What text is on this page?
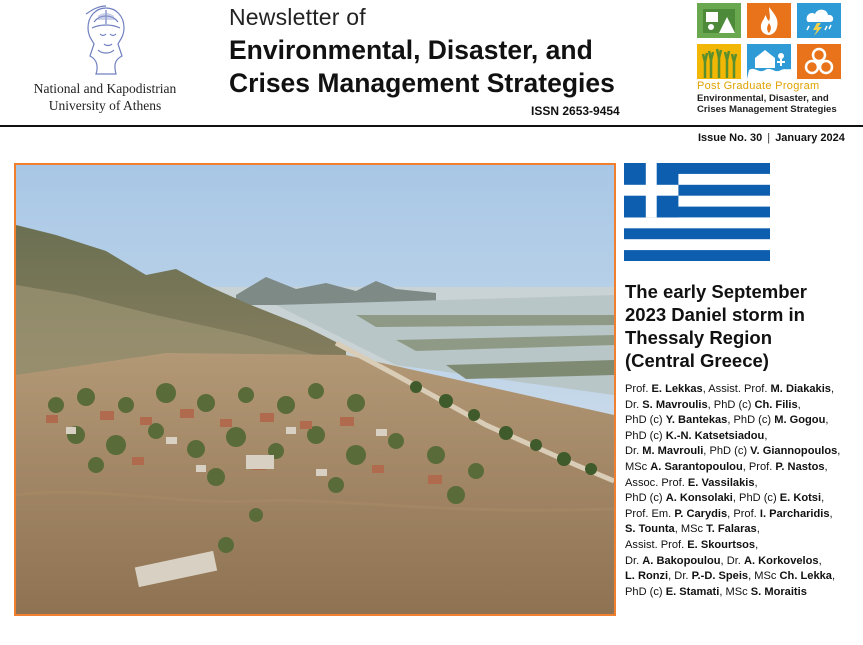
National and Kapodistrian
University of Athens
Newsletter of
Environmental, Disaster, and
Crises Management Strategies
ISSN 2653-9454
Post Graduate Program
Environmental, Disaster, and
Crises Management Strategies
Issue No. 30 | January 2024
The early September
2023 Daniel storm in
Thessaly Region
(Central Greece)
Prof. E. Lekkas, Assist. Prof. M. Diakakis,
Dr. S. Mavroulis, PhD (c) Ch. Filis,
PhD (c) Y. Bantekas, PhD (c) M. Gogou,
PhD (c) K.-N. Katsetsiadou,
Dr. M. Mavrouli, PhD (c) V. Giannopoulos,
MSc A. Sarantopoulou, Prof. P. Nastos,
Assoc. Prof. E. Vassilakis,
PhD (c) A. Konsolaki, PhD (c) E. Kotsi,
Prof. Em. P. Carydis, Prof. I. Parcharidis,
S. Tounta, MSc T. Falaras,
Assist. Prof. E. Skourtsos,
Dr. A. Bakopoulou, Dr. A. Korkovelos,
L. Ronzi, Dr. P.-D. Speis, MSc Ch. Lekka,
PhD (c) E. Stamati, MSc S. Moraitis
